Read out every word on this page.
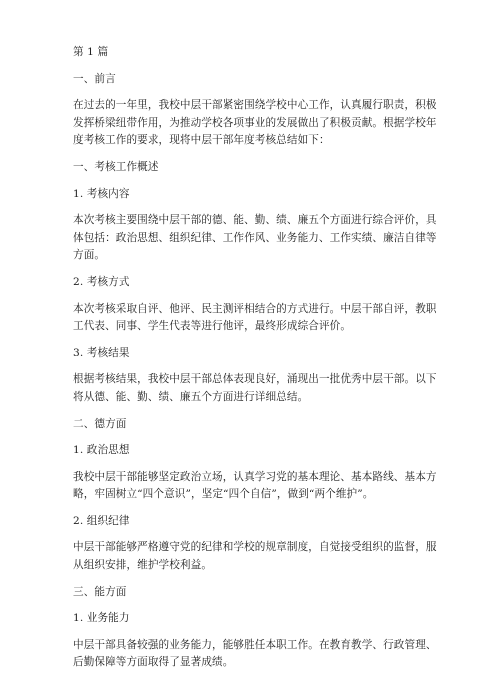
第 1 篇

一、前言

在过去的一年里，我校中层干部紧密围绕学校中心工作，认真履行职责，积极发挥桥梁纽带作用，为推动学校各项事业的发展做出了积极贡献。根据学校年度考核工作的要求，现将中层干部年度考核总结如下：

一、考核工作概述

1. 考核内容

本次考核主要围绕中层干部的德、能、勤、绩、廉五个方面进行综合评价，具体包括：政治思想、组织纪律、工作作风、业务能力、工作实绩、廉洁自律等方面。

2. 考核方式

本次考核采取自评、他评、民主测评相结合的方式进行。中层干部自评，教职工代表、同事、学生代表等进行他评，最终形成综合评价。

3. 考核结果

根据考核结果，我校中层干部总体表现良好，涌现出一批优秀中层干部。以下将从德、能、勤、绩、廉五个方面进行详细总结。

二、德方面

1. 政治思想

我校中层干部能够坚定政治立场，认真学习党的基本理论、基本路线、基本方略，牢固树立“四个意识”，坚定“四个自信”，做到“两个维护”。

2. 组织纪律

中层干部能够严格遵守党的纪律和学校的规章制度，自觉接受组织的监督，服从组织安排，维护学校利益。

三、能方面

1. 业务能力

中层干部具备较强的业务能力，能够胜任本职工作。在教育教学、行政管理、后勤保障等方面取得了显著成绩。
